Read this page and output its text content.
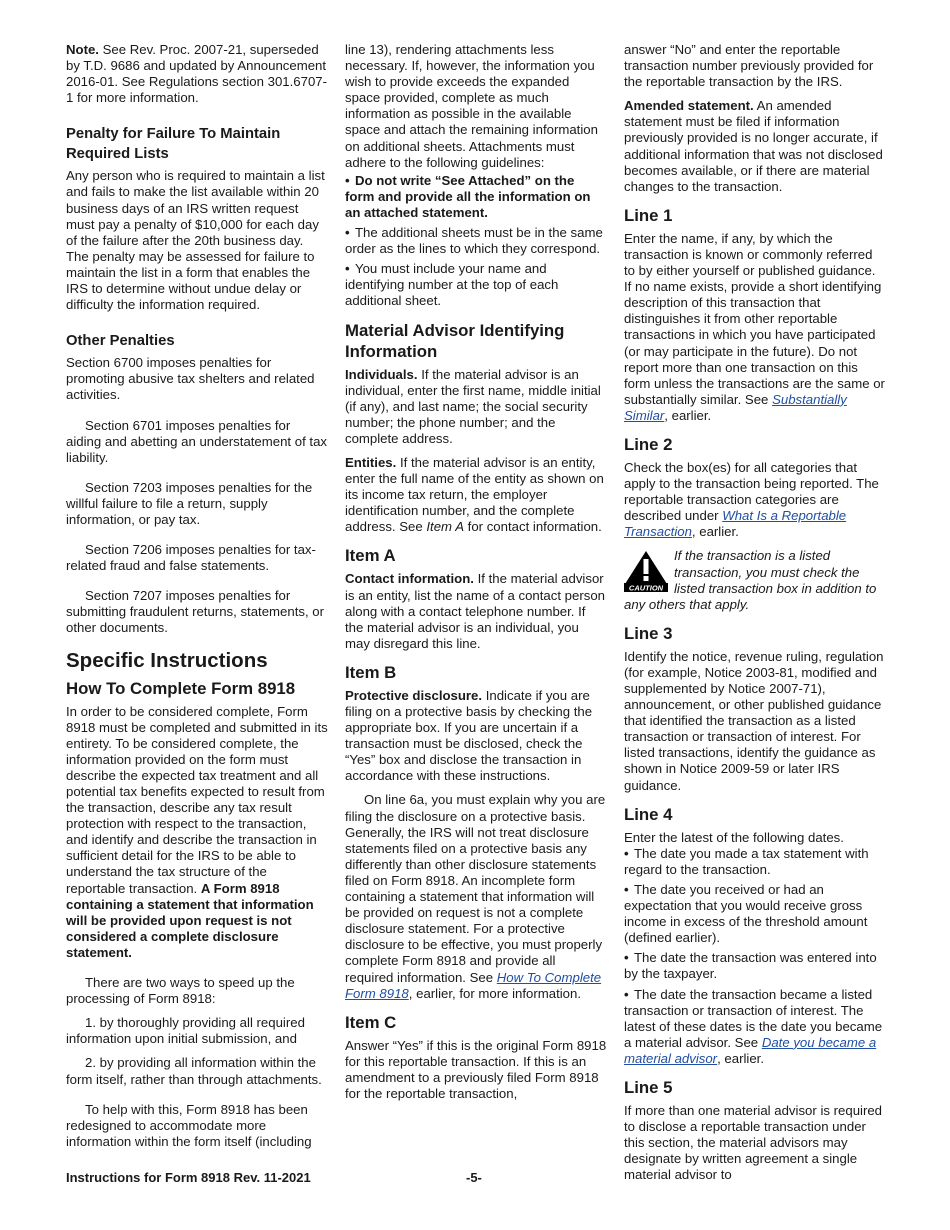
Note. See Rev. Proc. 2007-21, superseded by T.D. 9686 and updated by Announcement 2016-01. See Regulations section 301.6707-1 for more information.

Penalty for Failure To Maintain Required Lists

Any person who is required to maintain a list and fails to make the list available within 20 business days of an IRS written request must pay a penalty of $10,000 for each day of the failure after the 20th business day. The penalty may be assessed for failure to maintain the list in a form that enables the IRS to determine without undue delay or difficulty the information required.

Other Penalties

Section 6700 imposes penalties for promoting abusive tax shelters and related activities.

Section 6701 imposes penalties for aiding and abetting an understatement of tax liability.

Section 7203 imposes penalties for the willful failure to file a return, supply information, or pay tax.

Section 7206 imposes penalties for tax-related fraud and false statements.

Section 7207 imposes penalties for submitting fraudulent returns, statements, or other documents.

Specific Instructions
How To Complete Form 8918

In order to be considered complete, Form 8918 must be completed and submitted in its entirety. To be considered complete, the information provided on the form must describe the expected tax treatment and all potential tax benefits expected to result from the transaction, describe any tax result protection with respect to the transaction, and identify and describe the transaction in sufficient detail for the IRS to be able to understand the tax structure of the reportable transaction. A Form 8918 containing a statement that information will be provided upon request is not considered a complete disclosure statement.

There are two ways to speed up the processing of Form 8918:

1. by thoroughly providing all required information upon initial submission, and

2. by providing all information within the form itself, rather than through attachments.

To help with this, Form 8918 has been redesigned to accommodate more information within the form itself (including

line 13), rendering attachments less necessary. If, however, the information you wish to provide exceeds the expanded space provided, complete as much information as possible in the available space and attach the remaining information on additional sheets. Attachments must adhere to the following guidelines:

• Do not write “See Attached” on the form and provide all the information on an attached statement.
• The additional sheets must be in the same order as the lines to which they correspond.
• You must include your name and identifying number at the top of each additional sheet.
Material Advisor Identifying Information

Individuals. If the material advisor is an individual, enter the first name, middle initial (if any), and last name; the social security number; the phone number; and the complete address.

Entities. If the material advisor is an entity, enter the full name of the entity as shown on its income tax return, the employer identification number, and the complete address. See Item A for contact information.

Item A

Contact information. If the material advisor is an entity, list the name of a contact person along with a contact telephone number. If the material advisor is an individual, you may disregard this line.

Item B

Protective disclosure. Indicate if you are filing on a protective basis by checking the appropriate box. If you are uncertain if a transaction must be disclosed, check the “Yes” box and disclose the transaction in accordance with these instructions.

On line 6a, you must explain why you are filing the disclosure on a protective basis. Generally, the IRS will not treat disclosure statements filed on a protective basis any differently than other disclosure statements filed on Form 8918. An incomplete form containing a statement that information will be provided on request is not a complete disclosure statement. For a protective disclosure to be effective, you must properly complete Form 8918 and provide all required information. See How To Complete Form 8918, earlier, for more information.

Item C

Answer “Yes” if this is the original Form 8918 for this reportable transaction. If this is an amendment to a previously filed Form 8918 for the reportable transaction,

answer “No” and enter the reportable transaction number previously provided for the reportable transaction by the IRS.

Amended statement. An amended statement must be filed if information previously provided is no longer accurate, if additional information that was not disclosed becomes available, or if there are material changes to the transaction.

Line 1

Enter the name, if any, by which the transaction is known or commonly referred to by either yourself or published guidance. If no name exists, provide a short identifying description of this transaction that distinguishes it from other reportable transactions in which you have participated (or may participate in the future). Do not report more than one transaction on this form unless the transactions are the same or substantially similar. See Substantially Similar, earlier.

Line 2

Check the box(es) for all categories that apply to the transaction being reported. The reportable transaction categories are described under What Is a Reportable Transaction, earlier.

CAUTION
If the transaction is a listed transaction, you must check the listed transaction box in addition to any others that apply.
Line 3

Identify the notice, revenue ruling, regulation (for example, Notice 2003-81, modified and supplemented by Notice 2007-71), announcement, or other published guidance that identified the transaction as a listed transaction or transaction of interest. For listed transactions, identify the guidance as shown in Notice 2009-59 or later IRS guidance.

Line 4

Enter the latest of the following dates.

• The date you made a tax statement with regard to the transaction.
• The date you received or had an expectation that you would receive gross income in excess of the threshold amount (defined earlier).
• The date the transaction was entered into by the taxpayer.
• The date the transaction became a listed transaction or transaction of interest. The latest of these dates is the date you became a material advisor. See Date you became a material advisor, earlier.
Line 5

If more than one material advisor is required to disclose a reportable transaction under this section, the material advisors may designate by written agreement a single material advisor to

Instructions for Form 8918 Rev. 11-2021	-5-
